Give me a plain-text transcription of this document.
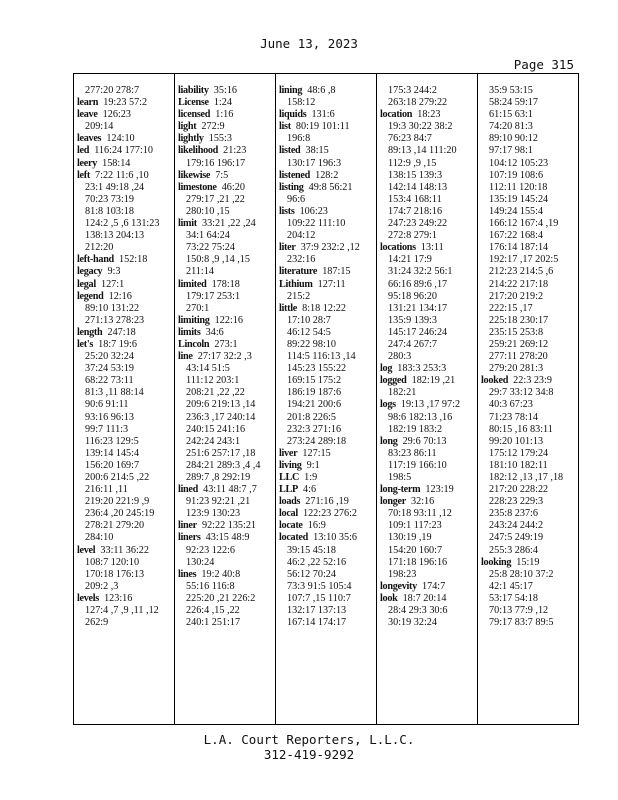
June 13, 2023
Page 315
277:20 278:7
learn 19:23 57:2
leave 126:23
209:14
leaves 124:10
led 116:24 177:10
leery 158:14
left 7:22 11:6 ,10
23:1 49:18 ,24
70:23 73:19
81:8 103:18
124:2 ,5 ,6 131:23
138:13 204:13
212:20
left-hand 152:18
legacy 9:3
legal 127:1
legend 12:16
89:10 131:22
271:13 278:23
length 247:18
let's 18:7 19:6
25:20 32:24
37:24 53:19
68:22 73:11
81:3 ,11 88:14
90:6 91:11
93:16 96:13
99:7 111:3
116:23 129:5
139:14 145:4
156:20 169:7
200:6 214:5 ,22
216:11 ,11
219:20 221:9 ,9
236:4 ,20 245:19
278:21 279:20
284:10
level 33:11 36:22
108:7 120:10
170:18 176:13
209:2 ,3
levels 123:16
127:4 ,7 ,9 ,11 ,12
262:9
liability 35:16
License 1:24
licensed 1:16
light 272:9
lightly 155:3
likelihood 21:23
179:16 196:17
likewise 7:5
limestone 46:20
279:17 ,21 ,22
280:10 ,15
limit 33:21 ,22 ,24
34:1 64:24
73:22 75:24
150:8 ,9 ,14 ,15
211:14
limited 178:18
179:17 253:1
270:1
limiting 122:16
limits 34:6
Lincoln 273:1
line 27:17 32:2 ,3
43:14 51:5
111:12 203:1
208:21 ,22 ,22
209:6 219:13 ,14
236:3 ,17 240:14
240:15 241:16
242:24 243:1
251:6 257:17 ,18
284:21 289:3 ,4 ,4
289:7 ,8 292:19
lined 43:11 48:7 ,7
91:23 92:21 ,21
123:9 130:23
liner 92:22 135:21
liners 43:15 48:9
92:23 122:6
130:24
lines 19:2 40:8
55:16 116:8
225:20 ,21 226:2
226:4 ,15 ,22
240:1 251:17
lining 48:6 ,8
158:12
liquids 131:6
list 80:19 101:11
196:8
listed 38:15
130:17 196:3
listened 128:2
listing 49:8 56:21
96:6
lists 106:23
109:22 111:10
204:12
liter 37:9 232:2 ,12
232:16
literature 187:15
Lithium 127:11
215:2
little 8:18 12:22
17:10 28:7
46:12 54:5
89:22 98:10
114:5 116:13 ,14
145:23 155:22
169:15 175:2
186:19 187:6
194:21 200:6
201:8 226:5
232:3 271:16
273:24 289:18
liver 127:15
living 9:1
LLC 1:9
LLP 4:6
loads 271:16 ,19
local 122:23 276:2
locate 16:9
located 13:10 35:6
39:15 45:18
46:2 ,22 52:16
56:12 70:24
73:3 91:5 105:4
107:7 ,15 110:7
132:17 137:13
167:14 174:17
175:3 244:2
263:18 279:22
location 18:23
19:3 30:22 38:2
76:23 84:7
89:13 ,14 111:20
112:9 ,9 ,15
138:15 139:3
142:14 148:13
153:4 168:11
174:7 218:16
247:23 249:22
272:8 279:1
locations 13:11
14:21 17:9
31:24 32:2 56:1
66:16 89:6 ,17
95:18 96:20
131:21 134:17
135:9 139:3
145:17 246:24
247:4 267:7
280:3
log 183:3 253:3
logged 182:19 ,21
182:21
logs 19:13 ,17 97:2
98:6 182:13 ,16
182:19 183:2
long 29:6 70:13
83:23 86:11
117:19 166:10
198:5
long-term 123:19
longer 32:16
70:18 93:11 ,12
109:1 117:23
130:19 ,19
154:20 160:7
171:18 196:16
198:23
longevity 174:7
look 18:7 20:14
28:4 29:3 30:6
30:19 32:24
35:9 53:15
58:24 59:17
61:15 63:1
74:20 81:3
89:10 90:12
97:17 98:1
104:12 105:23
107:19 108:6
112:11 120:18
135:19 145:24
149:24 155:4
166:12 167:4 ,19
167:22 168:4
176:14 187:14
192:17 ,17 202:5
212:23 214:5 ,6
214:22 217:18
217:20 219:2
222:15 ,17
225:18 230:17
235:15 253:8
259:21 269:12
277:11 278:20
279:20 281:3
looked 22:3 23:9
29:7 33:12 34:8
40:3 67:23
71:23 78:14
80:15 ,16 83:11
99:20 101:13
175:12 179:24
181:10 182:11
182:12 ,13 ,17 ,18
217:20 228:22
228:23 229:3
235:8 237:6
243:24 244:2
247:5 249:19
255:3 286:4
looking 15:19
25:8 28:10 37:2
42:1 45:17
53:17 54:18
70:13 77:9 ,12
79:17 83:7 89:5
L.A. Court Reporters, L.L.C.
312-419-9292
